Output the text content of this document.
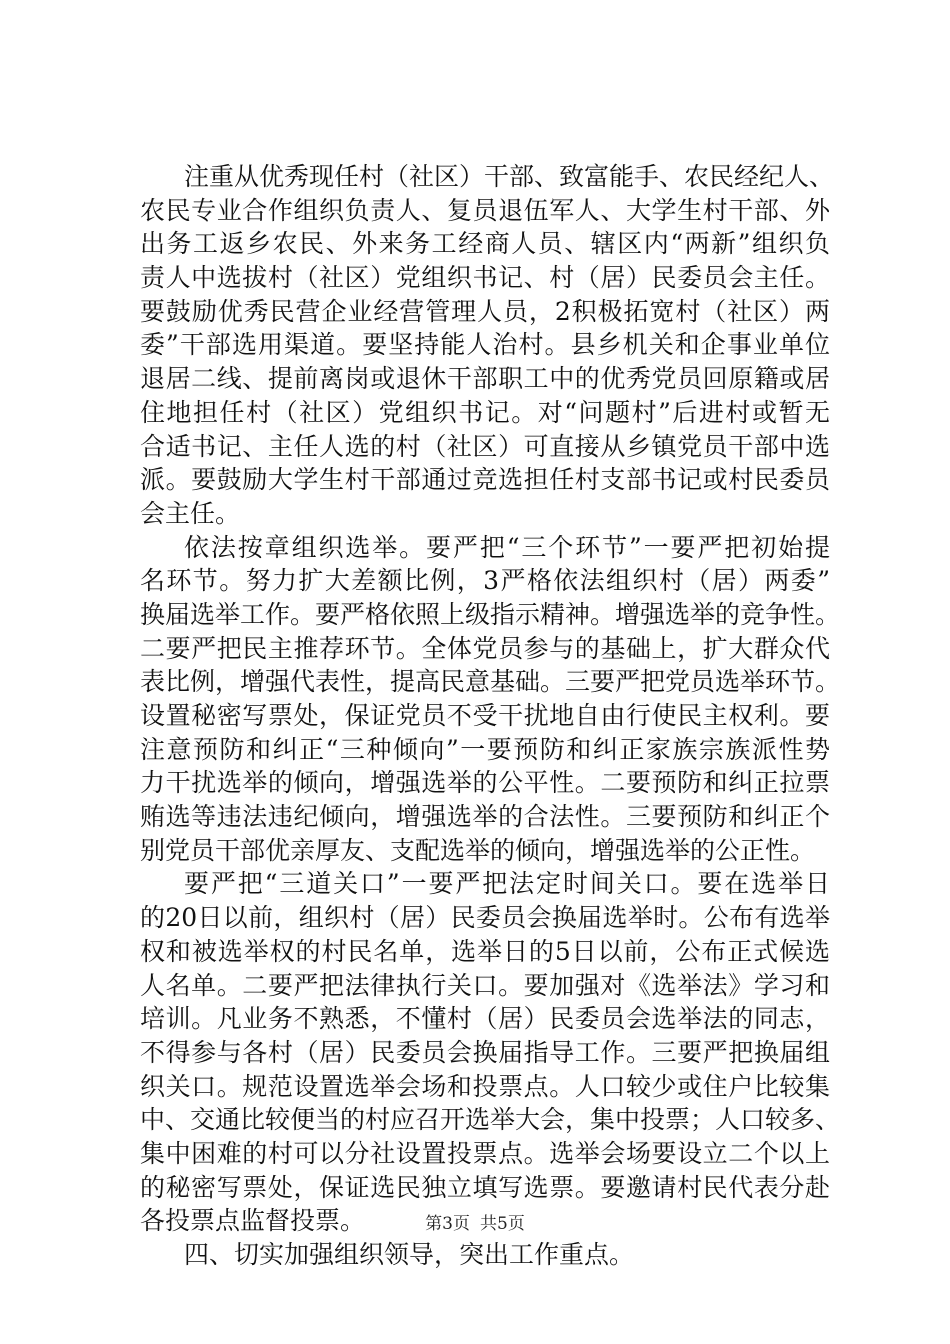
注重从优秀现任村（社区）干部、致富能手、农民经纪人、
农民专业合作组织负责人、复员退伍军人、大学生村干部、外
出务工返乡农民、外来务工经商人员、辖区内“两新”组织负
责人中选拔村（社区）党组织书记、村（居）民委员会主任。
要鼓励优秀民营企业经营管理人员，2积极拓宽村（社区）两
委”干部选用渠道。要坚持能人治村。县乡机关和企事业单位
退居二线、提前离岗或退休干部职工中的优秀党员回原籍或居
住地担任村（社区）党组织书记。对“问题村”后进村或暂无
合适书记、主任人选的村（社区）可直接从乡镇党员干部中选
派。要鼓励大学生村干部通过竞选担任村支部书记或村民委员
会主任。
依法按章组织选举。要严把“三个环节”一要严把初始提
名环节。努力扩大差额比例，3严格依法组织村（居）两委”
换届选举工作。要严格依照上级指示精神。增强选举的竞争性。
二要严把民主推荐环节。全体党员参与的基础上，扩大群众代
表比例，增强代表性，提高民意基础。三要严把党员选举环节。
设置秘密写票处，保证党员不受干扰地自由行使民主权利。要
注意预防和纠正“三种倾向”一要预防和纠正家族宗族派性势
力干扰选举的倾向，增强选举的公平性。二要预防和纠正拉票
贿选等违法违纪倾向，增强选举的合法性。三要预防和纠正个
别党员干部优亲厚友、支配选举的倾向，增强选举的公正性。
要严把“三道关口”一要严把法定时间关口。要在选举日
的20日以前，组织村（居）民委员会换届选举时。公布有选举
权和被选举权的村民名单，选举日的5日以前，公布正式候选
人名单。二要严把法律执行关口。要加强对《选举法》学习和
培训。凡业务不熟悉，不懂村（居）民委员会选举法的同志，
不得参与各村（居）民委员会换届指导工作。三要严把换届组
织关口。规范设置选举会场和投票点。人口较少或住户比较集
中、交通比较便当的村应召开选举大会，集中投票；人口较多、
集中困难的村可以分社设置投票点。选举会场要设立二个以上
的秘密写票处，保证选民独立填写选票。要邀请村民代表分赴
各投票点监督投票。
四、切实加强组织领导，突出工作重点。
第3页 共5页
